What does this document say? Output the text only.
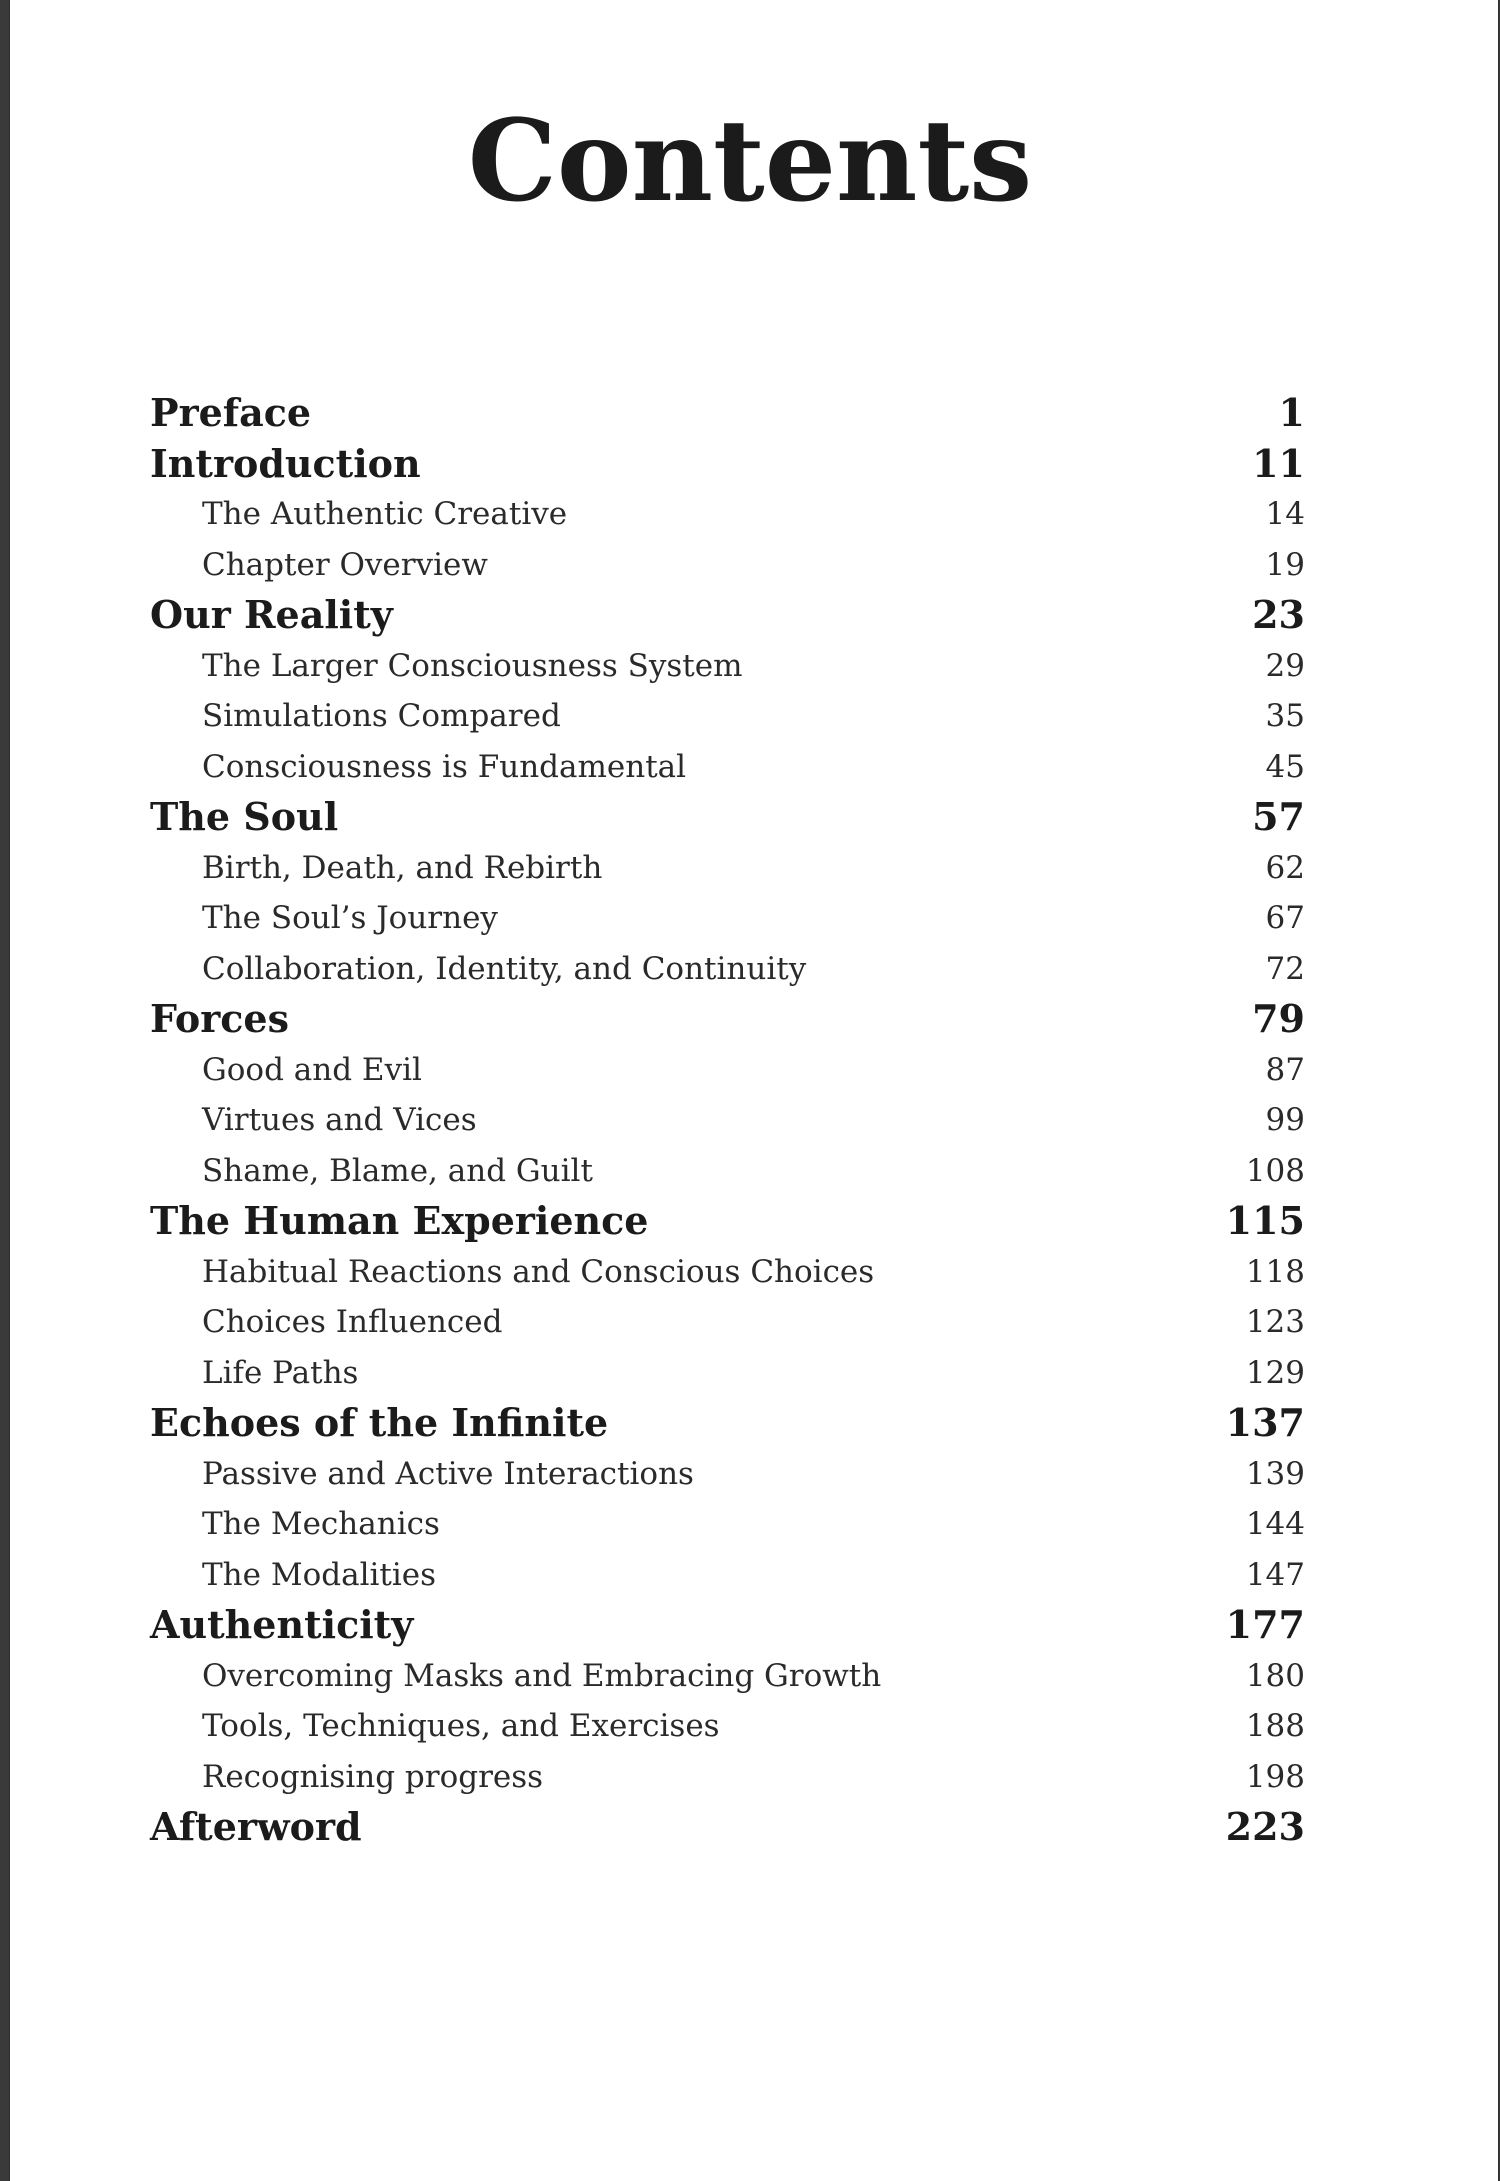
Contents
Preface	1
Introduction	11
The Authentic Creative	14
Chapter Overview	19
Our Reality	23
The Larger Consciousness System	29
Simulations Compared	35
Consciousness is Fundamental	45
The Soul	57
Birth, Death, and Rebirth	62
The Soul’s Journey	67
Collaboration, Identity, and Continuity	72
Forces	79
Good and Evil	87
Virtues and Vices	99
Shame, Blame, and Guilt	108
The Human Experience	115
Habitual Reactions and Conscious Choices	118
Choices Influenced	123
Life Paths	129
Echoes of the Infinite	137
Passive and Active Interactions	139
The Mechanics	144
The Modalities	147
Authenticity	177
Overcoming Masks and Embracing Growth	180
Tools, Techniques, and Exercises	188
Recognising progress	198
Afterword	223
